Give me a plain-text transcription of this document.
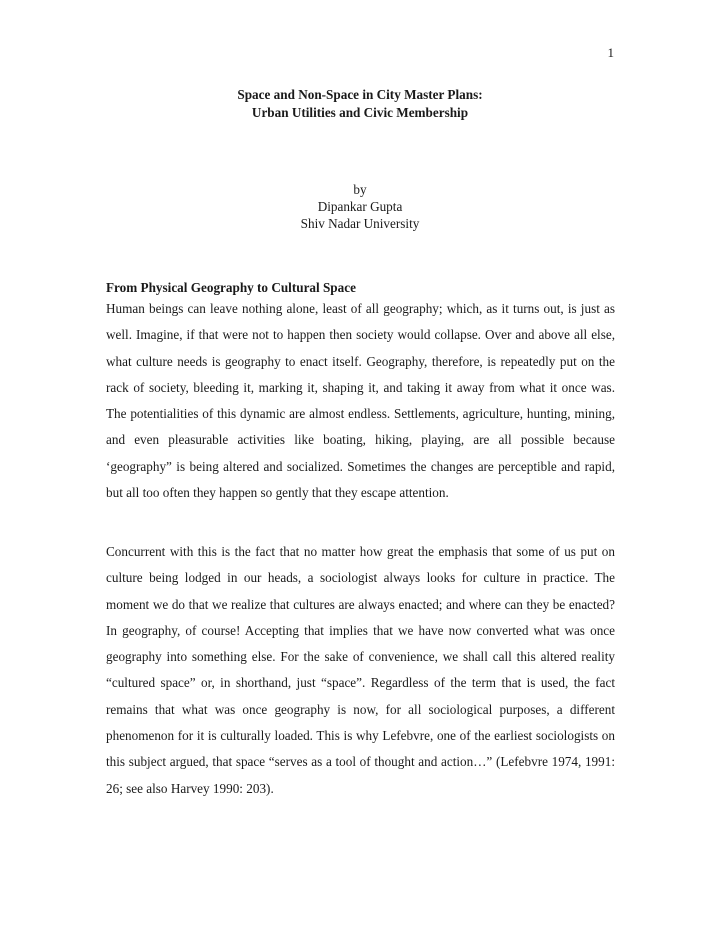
1
Space and Non-Space in City Master Plans:
Urban Utilities and Civic Membership
by
Dipankar Gupta
Shiv Nadar University
From Physical Geography to Cultural Space

Human beings can leave nothing alone, least of all geography; which, as it turns out, is just as well. Imagine, if that were not to happen then society would collapse. Over and above all else, what culture needs is geography to enact itself. Geography, therefore, is repeatedly put on the rack of society, bleeding it, marking it, shaping it, and taking it away from what it once was. The potentialities of this dynamic are almost endless. Settlements, agriculture, hunting, mining, and even pleasurable activities like boating, hiking, playing, are all possible because ‘geography” is being altered and socialized. Sometimes the changes are perceptible and rapid, but all too often they happen so gently that they escape attention.

Concurrent with this is the fact that no matter how great the emphasis that some of us put on culture being lodged in our heads, a sociologist always looks for culture in practice. The moment we do that we realize that cultures are always enacted; and where can they be enacted? In geography, of course! Accepting that implies that we have now converted what was once geography into something else. For the sake of convenience, we shall call this altered reality “cultured space” or, in shorthand, just “space”. Regardless of the term that is used, the fact remains that what was once geography is now, for all sociological purposes, a different phenomenon for it is culturally loaded. This is why Lefebvre, one of the earliest sociologists on this subject argued, that space “serves as a tool of thought and action…” (Lefebvre 1974, 1991: 26; see also Harvey 1990: 203).
